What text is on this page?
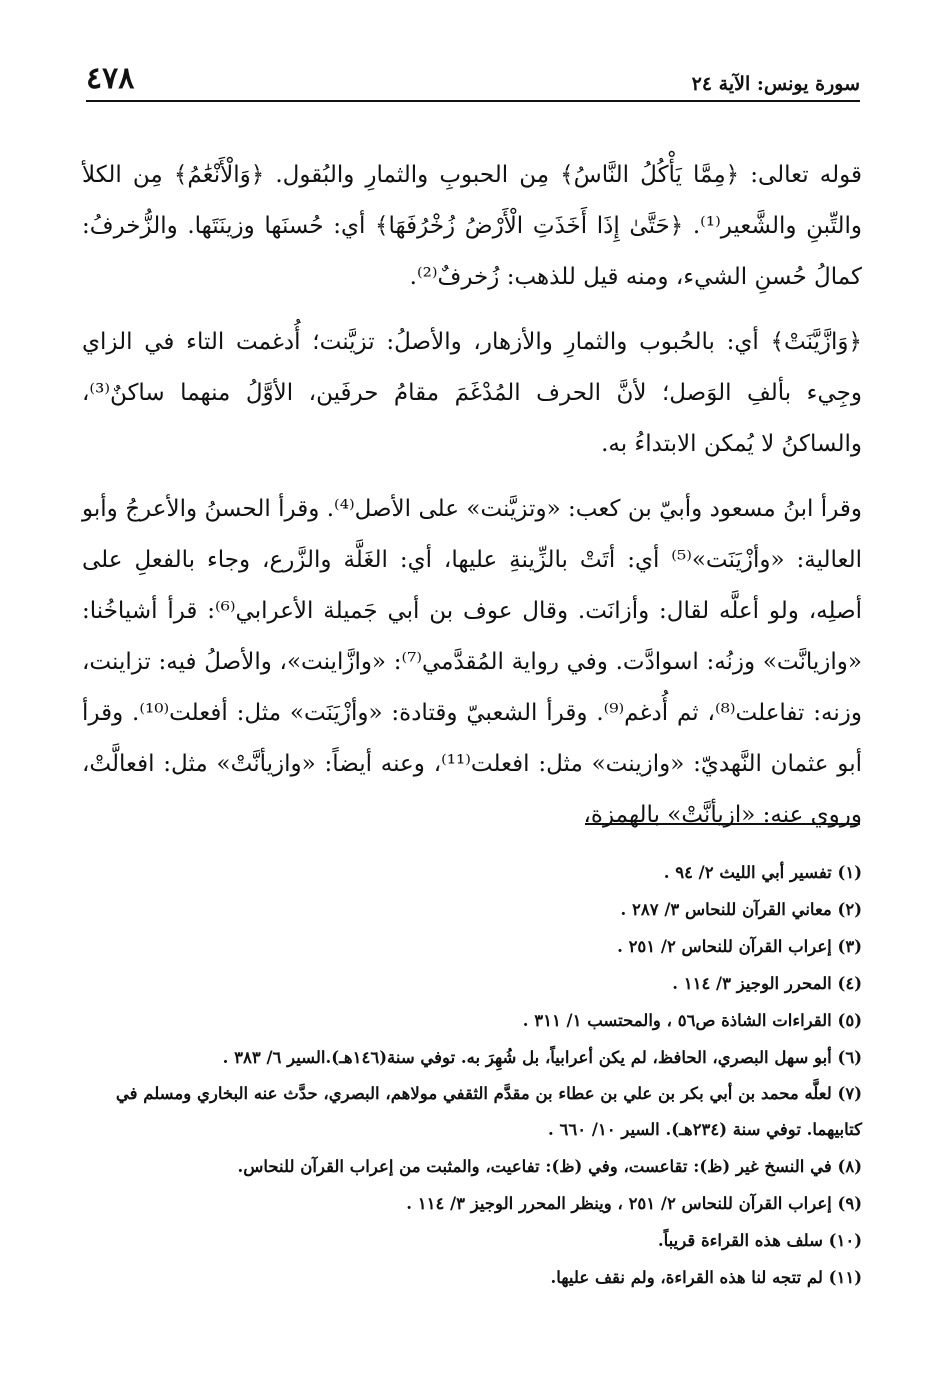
سورة يونس: الآية ٢٤
٤٧٨

قوله تعالى: ﴿مِمَّا يَأْكُلُ النَّاسُ﴾ مِن الحبوبِ والثمارِ والبُقول. ﴿وَالْأَنْعَٰمُ﴾ مِن الكلأ والتِّبنِ والشَّعير⁽¹⁾. ﴿حَتَّىٰ إِذَا أَخَذَتِ الْأَرْضُ زُخْرُفَهَا﴾ أي: حُسنَها وزينَتَها. والزُّخرفُ: كمالُ حُسنِ الشيء، ومنه قيل للذهب: زُخرفٌ⁽²⁾.

﴿وَازَّيَّنَتْ﴾ أي: بالحُبوب والثمارِ والأزهار، والأصلُ: تزيَّنت؛ أُدغمت التاء في الزاي وجِيء بألفِ الوَصل؛ لأنَّ الحرف المُدْغَمَ مقامُ حرفَين، الأوَّلُ منهما ساكنٌ⁽³⁾، والساكنُ لا يُمكن الابتداءُ به.

وقرأ ابنُ مسعود وأبيّ بن كعب: «وتزيَّنت» على الأصل⁽⁴⁾. وقرأ الحسنُ والأعرجُ وأبو العالية: «وأزْيَنَت»⁽⁵⁾ أي: أتَتْ بالزِّينةِ عليها، أي: الغَلَّة والزَّرع، وجاء بالفعلِ على أصلِه، ولو أعلَّه لقال: وأزانَت. وقال عوف بن أبي جَميلة الأعرابي⁽⁶⁾: قرأ أشياخُنا: «وازيانَّت» وزنُه: اسوادَّت. وفي رواية المُقدَّمي⁽⁷⁾: «وازَّاينت»، والأصلُ فيه: تزاينت، وزنه: تفاعلت⁽⁸⁾، ثم أُدغم⁽⁹⁾. وقرأ الشعبيّ وقتادة: «وأزْيَنَت» مثل: أفعلت⁽¹⁰⁾. وقرأ أبو عثمان النَّهديّ: «وازينت» مثل: افعلت⁽¹¹⁾، وعنه أيضاً: «وازيأنَّتْ» مثل: افعالَّتْ، وروي عنه: «ازيأنَّتْ» بالهمزة،

(١) تفسير أبي الليث ٢/ ٩٤ .

(٢) معاني القرآن للنحاس ٣/ ٢٨٧ .

(٣) إعراب القرآن للنحاس ٢/ ٢٥١ .

(٤) المحرر الوجيز ٣/ ١١٤ .

(٥) القراءات الشاذة ص٥٦ ، والمحتسب ١/ ٣١١ .

(٦) أبو سهل البصري، الحافظ، لم يكن أعرابياً، بل شُهِرَ به. توفي سنة(١٤٦هـ).السير ٦/ ٣٨٣ .

(٧) لعلَّه محمد بن أبي بكر بن علي بن عطاء بن مقدَّم الثقفي مولاهم، البصري، حدَّث عنه البخاري ومسلم في كتابيهما. توفي سنة (٢٣٤هـ). السير ١٠/ ٦٦٠ .

(٨) في النسخ غير (ظ): تقاعست، وفي (ظ): تفاعيت، والمثبت من إعراب القرآن للنحاس.

(٩) إعراب القرآن للنحاس ٢/ ٢٥١ ، وينظر المحرر الوجيز ٣/ ١١٤ .

(١٠) سلف هذه القراءة قريباً.

(١١) لم تتجه لنا هذه القراءة، ولم نقف عليها.
